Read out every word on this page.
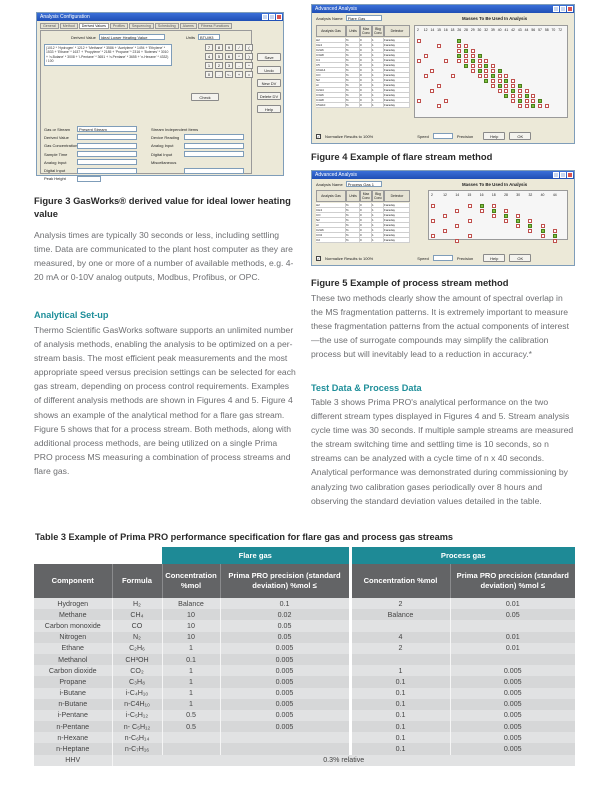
Analysis Configuration
General	Method	Derived Values	Profiles	Sequencing	Scheduling	Alarms	Fitness Functions
Derived Value	Ideal Lower Heating Value	Units	BTU/ft3
(1012 * 'Hydrogen' * 1212 + 'Methane' * 3586 + 'Acetylene' * 1494 + 'Ethylene' * 1533 + 'Ethane' * 1637 + 'Propylene' * 2185 + 'Propane' * 2316 + 'Butenes' * 3010 + 'n-Butane' * 3008 + 'i-Pentane' * 3651 + 'n-Pentane' * 3655 + 'n-Hexane' * 4332) / 100
7	8	9	/	(
4	5	6	*	)
1	2	3	-	^
0	.	<-	+	=
Check
Gas or Stream	Present Stream
Derived Value
Gas Concentration
Sample Time
Analog Input
Digital Input
Peak Height
Stream Independent Items
Device Reading
Analog Input
Digital Input
Miscellaneous
Save
Undo
New DV
Delete DV
Help
Advanced Analysis
Analysis Name	Flare Gas	Masses To Be Used In Analysis
Analysis Gas	Units	Max Conc
Bkg Conc	Detector
H2	%	0	1	Faraday
CH4	%	0	1	Faraday
C2H6	%	0	1	Faraday
C3H8	%	0	1	Faraday
C4	%	0	1	Faraday
C5	%	0	1	Faraday
C6H14	%	0	1	Faraday
CO	%	0	1	Faraday
N2	%	0	1	Faraday
Ar	%	0	1	Faraday
C2H4	%	0	1	Faraday
C3H6	%	0	1	Faraday
C4H8	%	0	1	Faraday
C5H10	%	0	1	Faraday
2 12 14 15 16 18 26 28 29 30 32 39 40 41 42 43 44 56 57 58 70 72
✓ Normalize Results to 100%	Speed	Precision	Help	OK
Figure 4 Example of flare stream method
Advanced Analysis
Analysis Name	Process Gas 1	Masses To Be Used In Analysis
Analysis Gas	Units	Max Conc
Bkg Conc	Detector
H2	%	0	1	Faraday
CH4	%	0	1	Faraday
CO	%	0	1	Faraday
N2	%	0	1	Faraday
Ar	%	0	1	Faraday
C2H6	%	0	1	Faraday
CO2	%	0	1	Faraday
O2	%	0	1	Faraday
2	12 14 15 16 18 28 30 32 40 44
✓ Normalize Results to 100%	Speed	Precision	Help	OK
Figure 3 GasWorks® derived value for ideal lower heating value
Analysis times are typically 30 seconds or less, including settling time. Data are communicated to the plant host computer as they are measured, by one or more of a number of available methods, e.g. 4-20 mA or 0-10V analog outputs, Modbus, Profibus, or OPC.
Analytical Set-up
Thermo Scientific GasWorks software supports an unlimited number of analysis methods, enabling the analysis to be optimized on a per-stream basis. The most efficient peak measurements and the most appropriate speed versus precision settings can be selected for each gas stream, depending on process control requirements. Examples of different analysis methods are shown in Figures 4 and 5. Figure 4 shows an example of the analytical method for a flare gas stream. Figure 5 shows that for a process stream. Both methods, along with additional process methods, are being utilized on a single Prima PRO process MS measuring a combination of process streams and flare gas.
Figure 5 Example of process stream method
These two methods clearly show the amount of spectral overlap in the MS fragmentation patterns. It is extremely important to measure these fragmentation patterns from the actual components of interest—the use of surrogate compounds may simplify the calibration process but will inevitably lead to a reduction in accuracy.*
Test Data & Process Data
Table 3 shows Prima PRO's analytical performance on the two different stream types displayed in Figures 4 and 5. Stream analysis cycle time was 30 seconds. If multiple sample streams are measured the stream switching time and settling time is 10 seconds, so n streams can be analyzed with a cycle time of n x 40 seconds. Analytical performance was demonstrated during commissioning by analyzing two calibration gases periodically over 8 hours and observing the standard deviation values detailed in the table.
Table 3 Example of Prima PRO performance specification for flare gas and process gas streams
		Flare gas		Process gas	
Component	Formula	Concentration %mol	Prima PRO precision (standard deviation) %mol ≤	Concentration %mol	Prima PRO precision (standard deviation) %mol ≤
Hydrogen	H₂	Balance	0.1	2	0.01
Methane	CH₄	10	0.02	Balance	0.05
Carbon monoxide	CO	10	0.05		
Nitrogen	N₂	10	0.05	4	0.01
Ethane	C₂H₆	1	0.005	2	0.01
Methanol	CH³OH	0.1	0.005		
Carbon dioxide	CO₂	1	0.005	1	0.005
Propane	C₃H₈	1	0.005	0.1	0.005
i-Butane	i-C₄H₁₀	1	0.005	0.1	0.005
n-Butane	n-C4H₁₀	1	0.005	0.1	0.005
i-Pentane	i-C₅H₁₂	0.5	0.005	0.1	0.005
n-Pentane	n- C₅H₁₂	0.5	0.005	0.1	0.005
n-Hexane	n-C₆H₁₄			0.1	0.005
n-Heptane	n-C₇H₁₆			0.1	0.005
HHV	0.3% relative				
